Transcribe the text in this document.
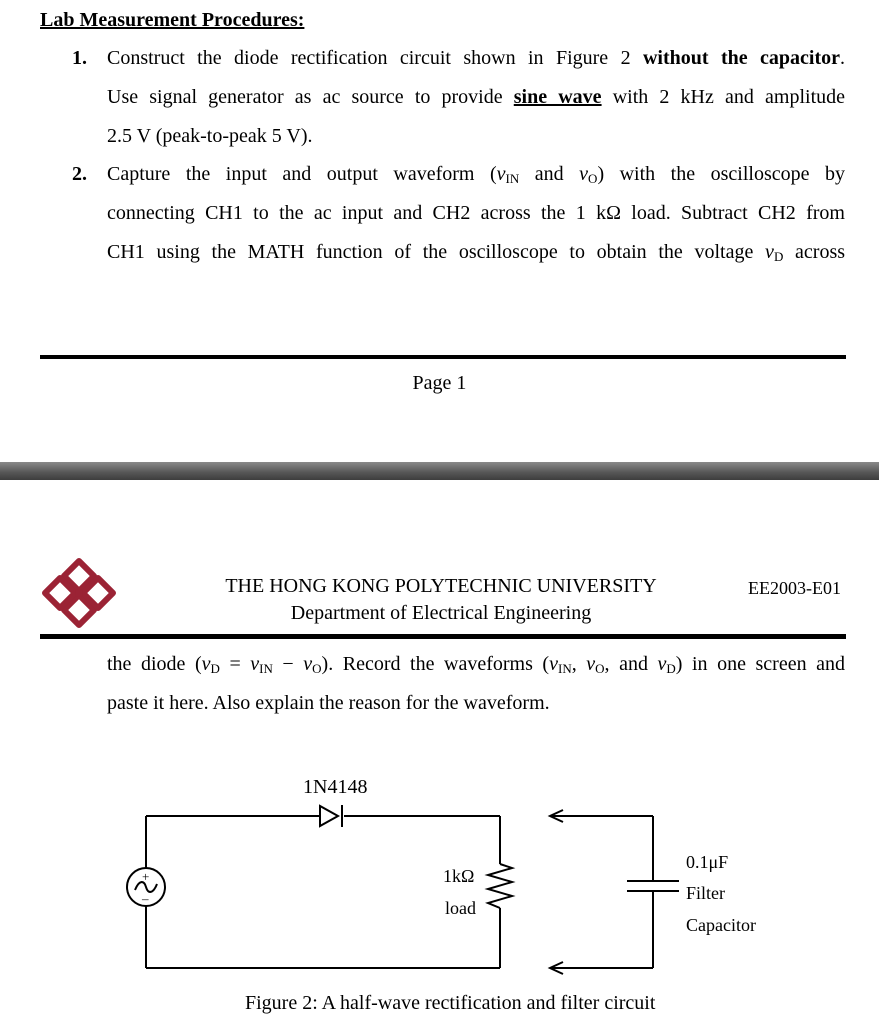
Lab Measurement Procedures:
1. Construct the diode rectification circuit shown in Figure 2 without the capacitor.
Use signal generator as ac source to provide sine wave with 2 kHz and amplitude
2.5 V (peak-to-peak 5 V).
2. Capture the input and output waveform ($v_{IN}$ and $v_O$) with the oscilloscope by
connecting CH1 to the ac input and CH2 across the 1 kΩ load. Subtract CH2 from
CH1 using the MATH function of the oscilloscope to obtain the voltage $v_D$ across
Page 1
THE HONG KONG POLYTECHNIC UNIVERSITY
Department of Electrical Engineering
EE2003-E01
the diode $(v_D = v_{IN} - v_O)$. Record the waveforms ($v_{IN}$, $v_O$, and $v_D$) in one screen and
paste it here. Also explain the reason for the waveform.
+
–
1N4148
1kΩ
load
0.1μF
Filter
Capacitor
Figure 2: A half-wave rectification and filter circuit
